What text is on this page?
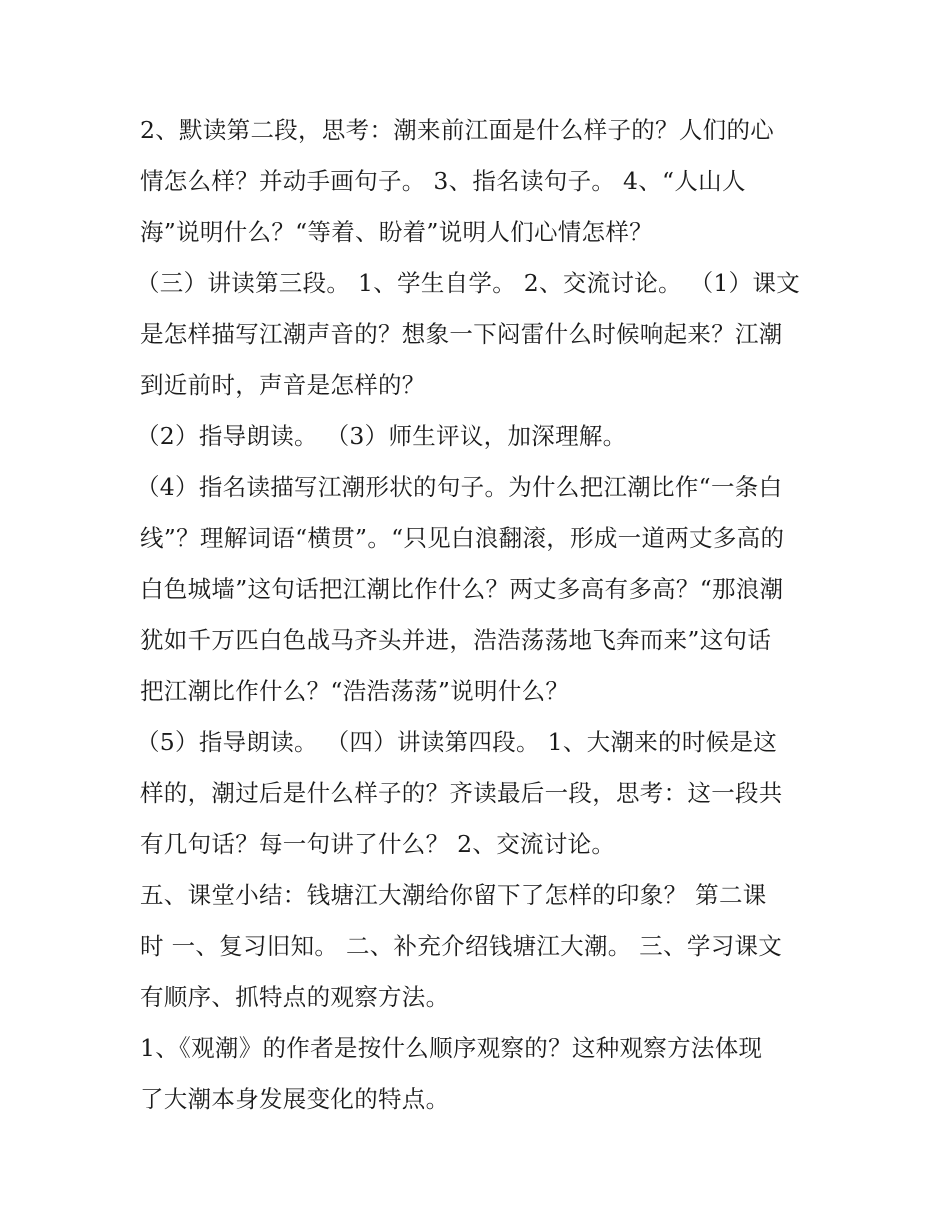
2、默读第二段，思考：潮来前江面是什么样子的？人们的心
情怎么样？并动手画句子。 3、指名读句子。 4、“人山人
海”说明什么？“等着、盼着”说明人们心情怎样？
（三）讲读第三段。 1、学生自学。 2、交流讨论。 （1）课文
是怎样描写江潮声音的？想象一下闷雷什么时候响起来？江潮
到近前时，声音是怎样的？
（2）指导朗读。 （3）师生评议，加深理解。
（4）指名读描写江潮形状的句子。为什么把江潮比作“一条白
线”？理解词语“横贯”。“只见白浪翻滚，形成一道两丈多高的
白色城墙”这句话把江潮比作什么？两丈多高有多高？“那浪潮
犹如千万匹白色战马齐头并进，浩浩荡荡地飞奔而来”这句话
把江潮比作什么？“浩浩荡荡”说明什么？
（5）指导朗读。 （四）讲读第四段。 1、大潮来的时候是这
样的，潮过后是什么样子的？齐读最后一段，思考：这一段共
有几句话？每一句讲了什么？ 2、交流讨论。
五、课堂小结：钱塘江大潮给你留下了怎样的印象？ 第二课
时 一、复习旧知。 二、补充介绍钱塘江大潮。 三、学习课文
有顺序、抓特点的观察方法。
1、《观潮》的作者是按什么顺序观察的？这种观察方法体现
了大潮本身发展变化的特点。
